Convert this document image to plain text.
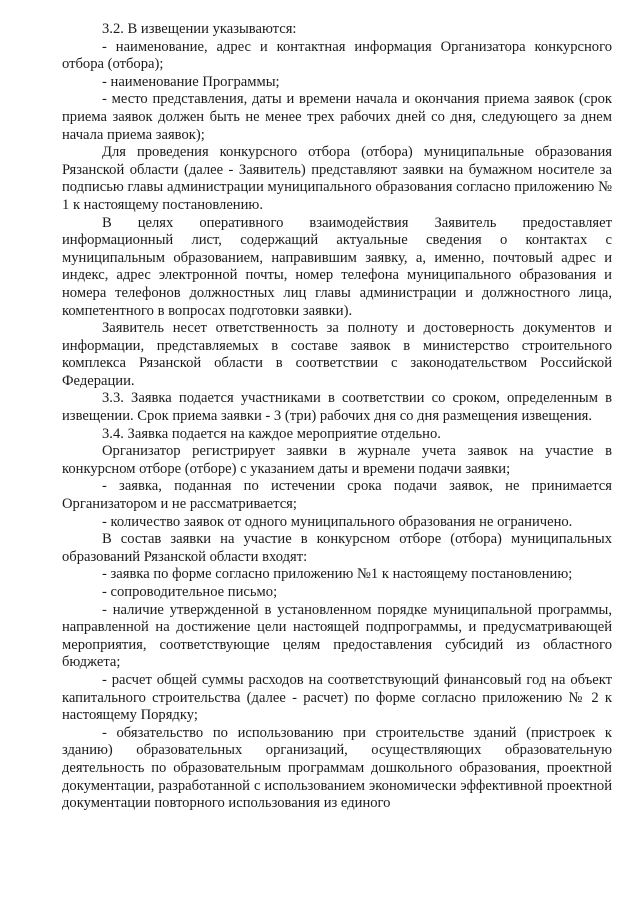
3.2. В извещении указываются:

- наименование, адрес и контактная информация Организатора конкурсного отбора (отбора);

- наименование Программы;

- место представления, даты и времени начала и окончания приема заявок (срок приема заявок должен быть не менее трех рабочих дней со дня, следующего за днем начала приема заявок);

Для проведения конкурсного отбора (отбора) муниципальные образования Рязанской области (далее - Заявитель) представляют заявки на бумажном носителе за подписью главы администрации муниципального образования согласно приложению № 1 к настоящему постановлению.

В целях оперативного взаимодействия Заявитель предоставляет информационный лист, содержащий актуальные сведения о контактах с муниципальным образованием, направившим заявку, а, именно, почтовый адрес и индекс, адрес электронной почты, номер телефона муниципального образования и номера телефонов должностных лиц главы администрации и должностного лица, компетентного в вопросах подготовки заявки).

Заявитель несет ответственность за полноту и достоверность документов и информации, представляемых в составе заявок в министерство строительного комплекса Рязанской области в соответствии с законодательством Российской Федерации.

3.3. Заявка подается участниками в соответствии со сроком, определенным в извещении. Срок приема заявки - 3 (три) рабочих дня со дня размещения извещения.

3.4. Заявка подается на каждое мероприятие отдельно.

Организатор регистрирует заявки в журнале учета заявок на участие в конкурсном отборе (отборе) с указанием даты и времени подачи заявки;

- заявка, поданная по истечении срока подачи заявок, не принимается Организатором и не рассматривается;

- количество заявок от одного муниципального образования не ограничено.

В состав заявки на участие в конкурсном отборе (отбора) муниципальных образований Рязанской области входят:

- заявка по форме согласно приложению №1 к настоящему постановлению;

- сопроводительное письмо;

- наличие утвержденной в установленном порядке муниципальной программы, направленной на достижение цели настоящей подпрограммы, и предусматривающей мероприятия, соответствующие целям предоставления субсидий из областного бюджета;

- расчет общей суммы расходов на соответствующий финансовый год на объект капитального строительства (далее - расчет) по форме согласно приложению № 2 к настоящему Порядку;

- обязательство по использованию при строительстве зданий (пристроек к зданию) образовательных организаций, осуществляющих образовательную деятельность по образовательным программам дошкольного образования, проектной документации, разработанной с использованием экономически эффективной проектной документации повторного использования из единого
